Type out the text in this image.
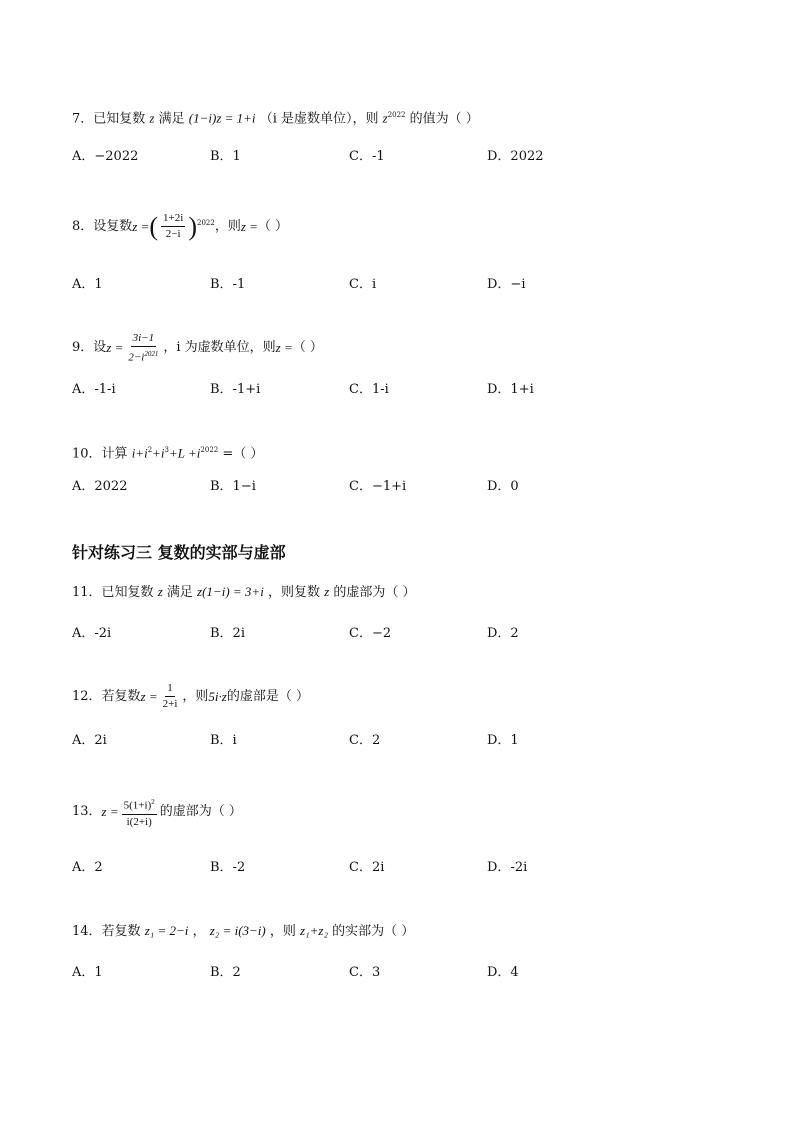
7．已知复数 z 满足 (1−i)z = 1+i （i 是虚数单位），则 $z^{2022}$ 的值为（ ）
A．−2022	B．1	C．-1	D．2022
8．设复数 z = ( $\frac{1+2i}{2-i} )^{2022}$ ，则 z = （ ）
A．1	B．-1	C．i	D．−i
9．设 $z = \frac{3i-1}{2-i^{2021}}$ ，i 为虚数单位，则 z = （ ）
A．-1-i	B．-1+i	C．1-i	D．1+i
10．计算 $i+i^2+i^3+L +i^{2022}$ =（ ）
A．2022	B．1−i	C．−1+i	D．0
针对练习三 复数的实部与虚部
11．已知复数 z 满足 z(1−i) = 3+i ，则复数 z 的虚部为（ ）
A．-2i	B．2i	C．−2	D．2
12．若复数 $z = \frac{1}{2+i}$ ，则 5i·z 的虚部是（ ）
A．2i	B．i	C．2	D．1
13． $z = \frac{5(1+i)^2}{i(2+i)}$ 的虚部为（ ）
A．2	B．-2	C．2i	D．-2i
14．若复数 z₁ = 2−i ， z₂ = i(3−i) ，则 z₁+z₂ 的实部为（ ）
A．1	B．2	C．3	D．4
